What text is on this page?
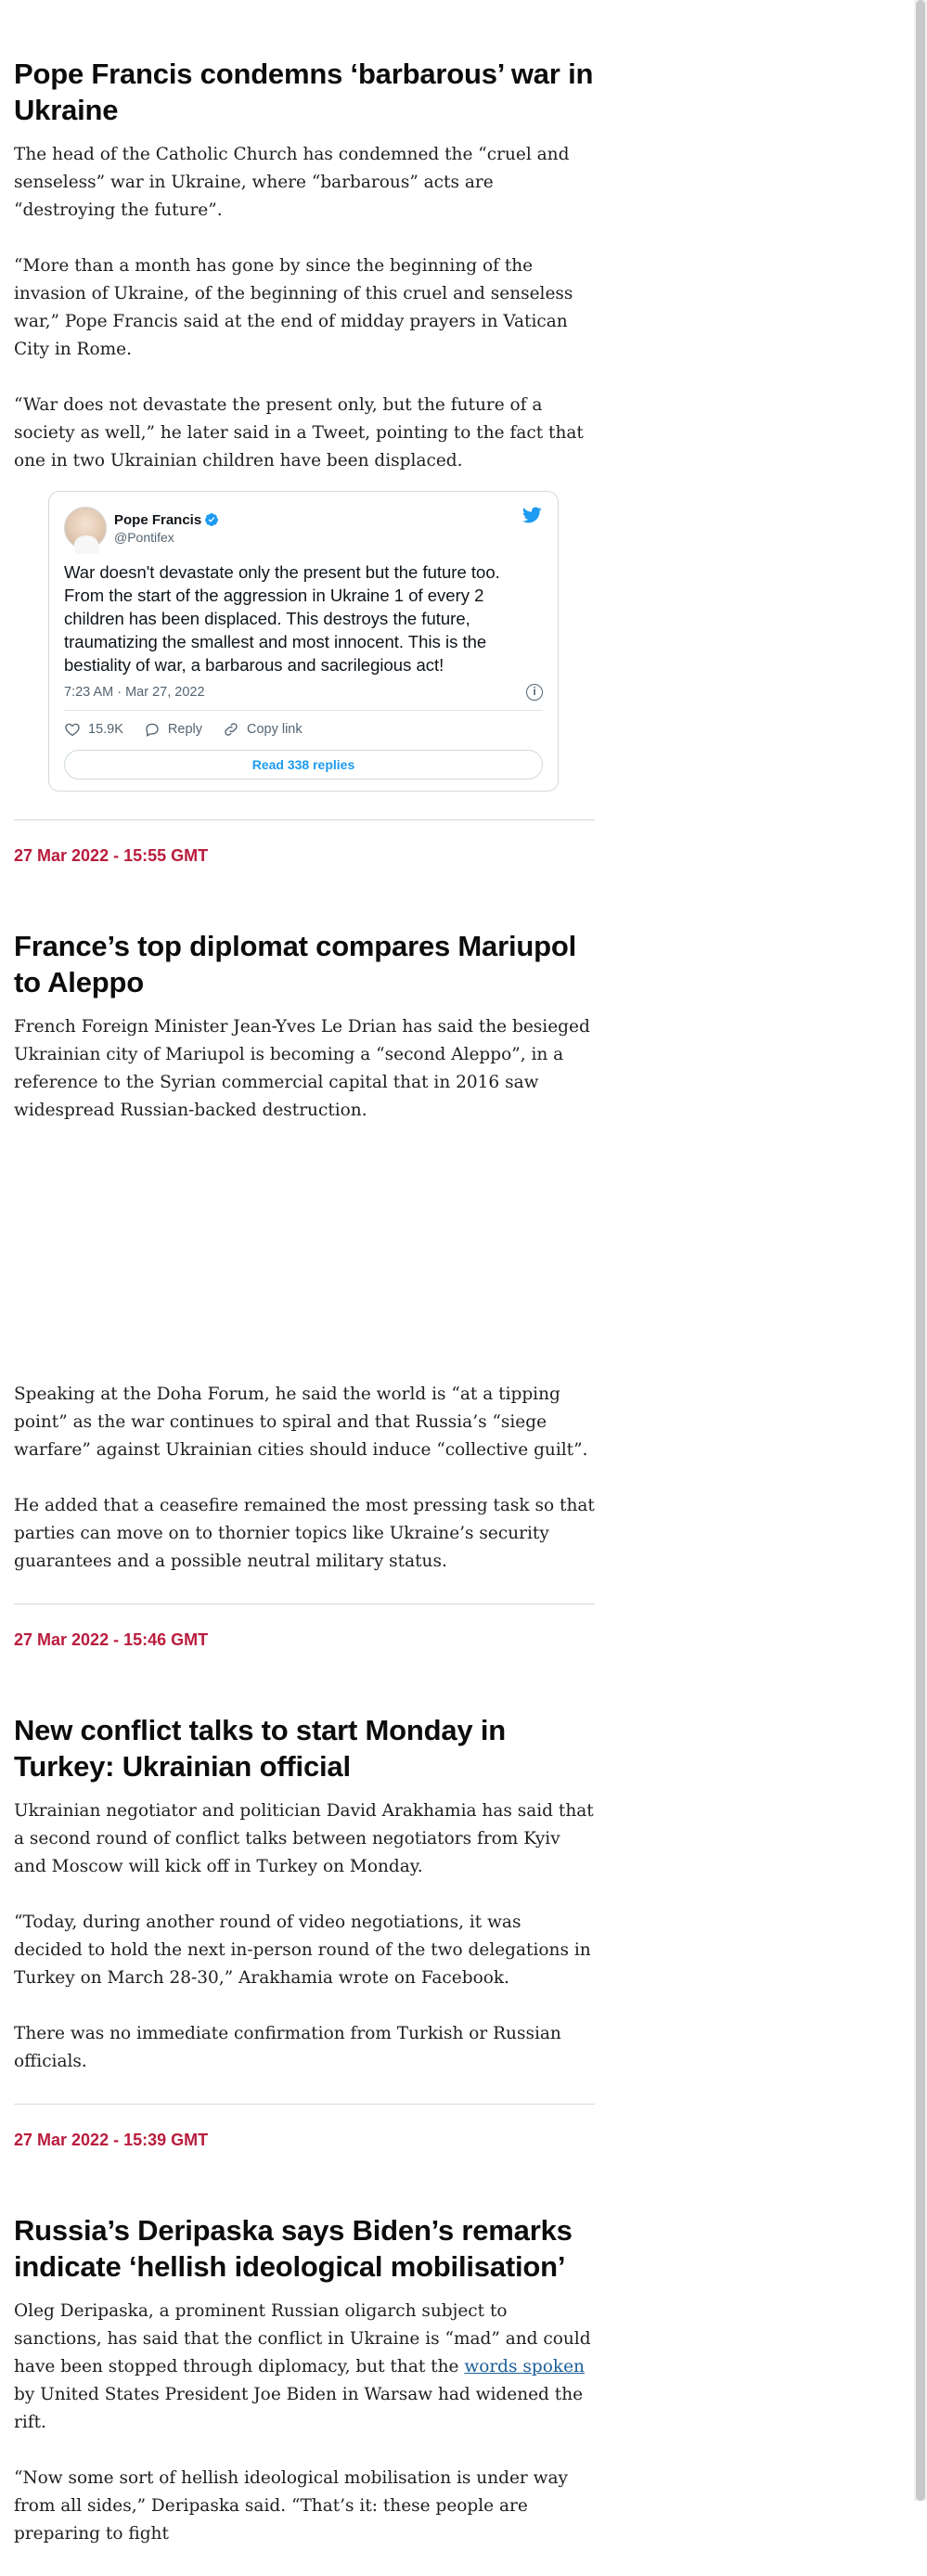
Pope Francis condemns ‘barbarous’ war in Ukraine

The head of the Catholic Church has condemned the “cruel and senseless” war in Ukraine, where “barbarous” acts are “destroying the future”.

“More than a month has gone by since the beginning of the invasion of Ukraine, of the beginning of this cruel and senseless war,” Pope Francis said at the end of midday prayers in Vatican City in Rome.

“War does not devastate the present only, but the future of a society as well,” he later said in a Tweet, pointing to the fact that one in two Ukrainian children have been displaced.

Pope Francis
@Pontifex
War doesn't devastate only the present but the future too. From the start of the aggression in Ukraine 1 of every 2 children has been displaced. This destroys the future, traumatizing the smallest and most innocent. This is the bestiality of war, a barbarous and sacrilegious act!
7:23 AM · Mar 27, 2022	i
15.9K	Reply	Copy link
Read 338 replies
27 Mar 2022 - 15:55 GMT
France’s top diplomat compares Mariupol to Aleppo

French Foreign Minister Jean-Yves Le Drian has said the besieged Ukrainian city of Mariupol is becoming a “second Aleppo”, in a reference to the Syrian commercial capital that in 2016 saw widespread Russian-backed destruction.

Speaking at the Doha Forum, he said the world is “at a tipping point” as the war continues to spiral and that Russia’s “siege warfare” against Ukrainian cities should induce “collective guilt”.

He added that a ceasefire remained the most pressing task so that parties can move on to thornier topics like Ukraine’s security guarantees and a possible neutral military status.

27 Mar 2022 - 15:46 GMT
New conflict talks to start Monday in Turkey: Ukrainian official

Ukrainian negotiator and politician David Arakhamia has said that a second round of conflict talks between negotiators from Kyiv and Moscow will kick off in Turkey on Monday.

“Today, during another round of video negotiations, it was decided to hold the next in-person round of the two delegations in Turkey on March 28-30,” Arakhamia wrote on Facebook.

There was no immediate confirmation from Turkish or Russian officials.

27 Mar 2022 - 15:39 GMT
Russia’s Deripaska says Biden’s remarks indicate ‘hellish ideological mobilisation’

Oleg Deripaska, a prominent Russian oligarch subject to sanctions, has said that the conflict in Ukraine is “mad” and could have been stopped through diplomacy, but that the words spoken by United States President Joe Biden in Warsaw had widened the rift.

“Now some sort of hellish ideological mobilisation is under way from all sides,” Deripaska said. “That’s it: these people are preparing to fight
